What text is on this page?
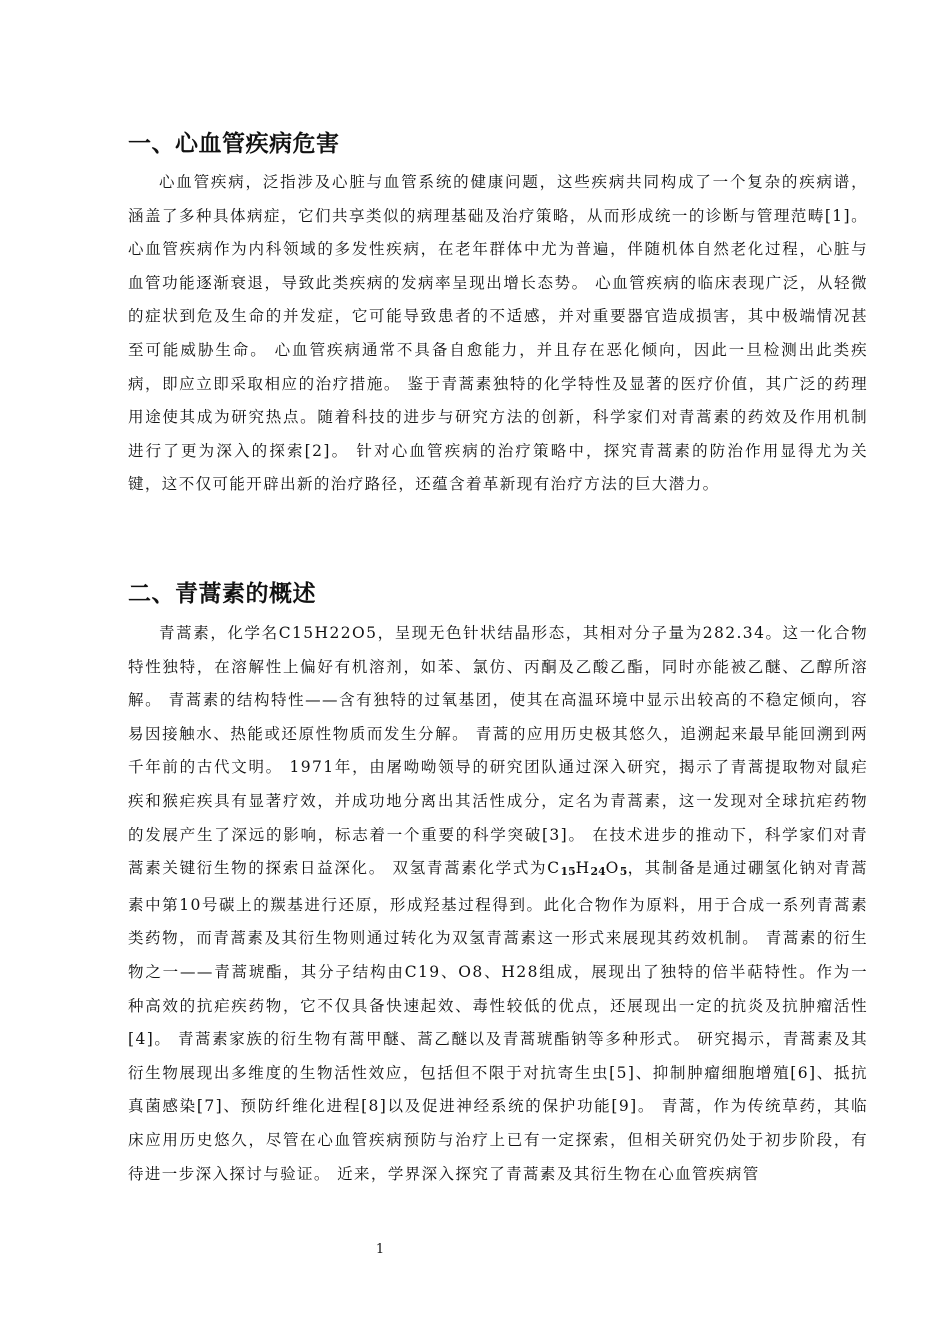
一、心血管疾病危害

心血管疾病，泛指涉及心脏与血管系统的健康问题，这些疾病共同构成了一个复杂的疾病谱，涵盖了多种具体病症，它们共享类似的病理基础及治疗策略，从而形成统一的诊断与管理范畴[1]。 心血管疾病作为内科领域的多发性疾病，在老年群体中尤为普遍，伴随机体自然老化过程，心脏与血管功能逐渐衰退，导致此类疾病的发病率呈现出增长态势。 心血管疾病的临床表现广泛，从轻微的症状到危及生命的并发症，它可能导致患者的不适感，并对重要器官造成损害，其中极端情况甚至可能威胁生命。 心血管疾病通常不具备自愈能力，并且存在恶化倾向，因此一旦检测出此类疾病，即应立即采取相应的治疗措施。 鉴于青蒿素独特的化学特性及显著的医疗价值，其广泛的药理用途使其成为研究热点。随着科技的进步与研究方法的创新，科学家们对青蒿素的药效及作用机制进行了更为深入的探索[2]。 针对心血管疾病的治疗策略中，探究青蒿素的防治作用显得尤为关键，这不仅可能开辟出新的治疗路径，还蕴含着革新现有治疗方法的巨大潜力。

二、青蒿素的概述

青蒿素，化学名C15H22O5，呈现无色针状结晶形态，其相对分子量为282.34。这一化合物特性独特，在溶解性上偏好有机溶剂，如苯、氯仿、丙酮及乙酸乙酯，同时亦能被乙醚、乙醇所溶解。 青蒿素的结构特性——含有独特的过氧基团，使其在高温环境中显示出较高的不稳定倾向，容易因接触水、热能或还原性物质而发生分解。 青蒿的应用历史极其悠久，追溯起来最早能回溯到两千年前的古代文明。 1971年，由屠呦呦领导的研究团队通过深入研究，揭示了青蒿提取物对鼠疟疾和猴疟疾具有显著疗效，并成功地分离出其活性成分，定名为青蒿素，这一发现对全球抗疟药物的发展产生了深远的影响，标志着一个重要的科学突破[3]。 在技术进步的推动下，科学家们对青蒿素关键衍生物的探索日益深化。 双氢青蒿素化学式为$C_{15}H_{24}O_5$，其制备是通过硼氢化钠对青蒿素中第10号碳上的羰基进行还原，形成羟基过程得到。此化合物作为原料，用于合成一系列青蒿素类药物，而青蒿素及其衍生物则通过转化为双氢青蒿素这一形式来展现其药效机制。 青蒿素的衍生物之一——青蒿琥酯，其分子结构由C19、O8、H28组成，展现出了独特的倍半萜特性。作为一种高效的抗疟疾药物，它不仅具备快速起效、毒性较低的优点，还展现出一定的抗炎及抗肿瘤活性[4]。 青蒿素家族的衍生物有蒿甲醚、蒿乙醚以及青蒿琥酯钠等多种形式。 研究揭示，青蒿素及其衍生物展现出多维度的生物活性效应，包括但不限于对抗寄生虫[5]、抑制肿瘤细胞增殖[6]、抵抗真菌感染[7]、预防纤维化进程[8]以及促进神经系统的保护功能[9]。 青蒿，作为传统草药，其临床应用历史悠久，尽管在心血管疾病预防与治疗上已有一定探索，但相关研究仍处于初步阶段，有待进一步深入探讨与验证。 近来，学界深入探究了青蒿素及其衍生物在心血管疾病管

1
